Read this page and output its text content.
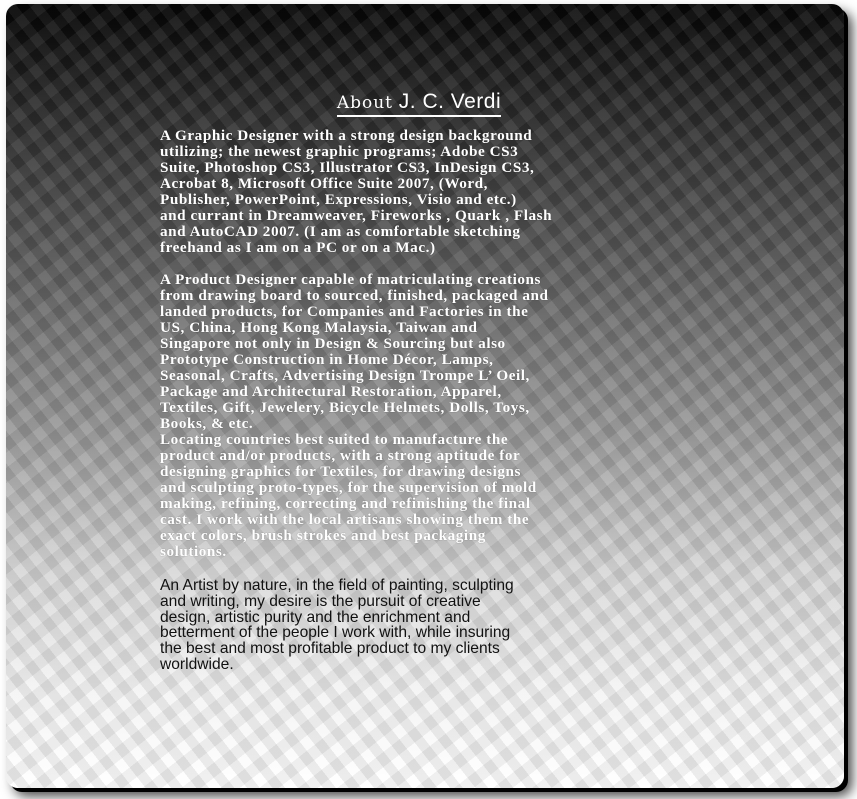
About J. C. Verdi

A Graphic Designer with a strong design background
utilizing; the newest graphic programs; Adobe CS3
Suite, Photoshop CS3, Illustrator CS3, InDesign CS3,
Acrobat 8, Microsoft Office Suite 2007, (Word,
Publisher, PowerPoint, Expressions, Visio and etc.)
and currant in Dreamweaver, Fireworks , Quark , Flash
and AutoCAD 2007. (I am as comfortable sketching
freehand as I am on a PC or on a Mac.)

A Product Designer capable of matriculating creations
from drawing board to sourced, finished, packaged and
landed products, for Companies and Factories in the
US, China, Hong Kong Malaysia, Taiwan and
Singapore not only in Design & Sourcing but also
Prototype Construction in Home Décor, Lamps,
Seasonal, Crafts, Advertising Design Trompe L’ Oeil,
Package and Architectural Restoration, Apparel,
Textiles, Gift, Jewelery, Bicycle Helmets, Dolls, Toys,
Books, & etc.
Locating countries best suited to manufacture the
product and/or products, with a strong aptitude for
designing graphics for Textiles, for drawing designs
and sculpting proto-types, for the supervision of mold
making, refining, correcting and refinishing the final
cast. I work with the local artisans showing them the
exact colors, brush strokes and best packaging
solutions.

An Artist by nature, in the field of painting, sculpting
and writing, my desire is the pursuit of creative
design, artistic purity and the enrichment and
betterment of the people I work with, while insuring
the best and most profitable product to my clients
worldwide.
